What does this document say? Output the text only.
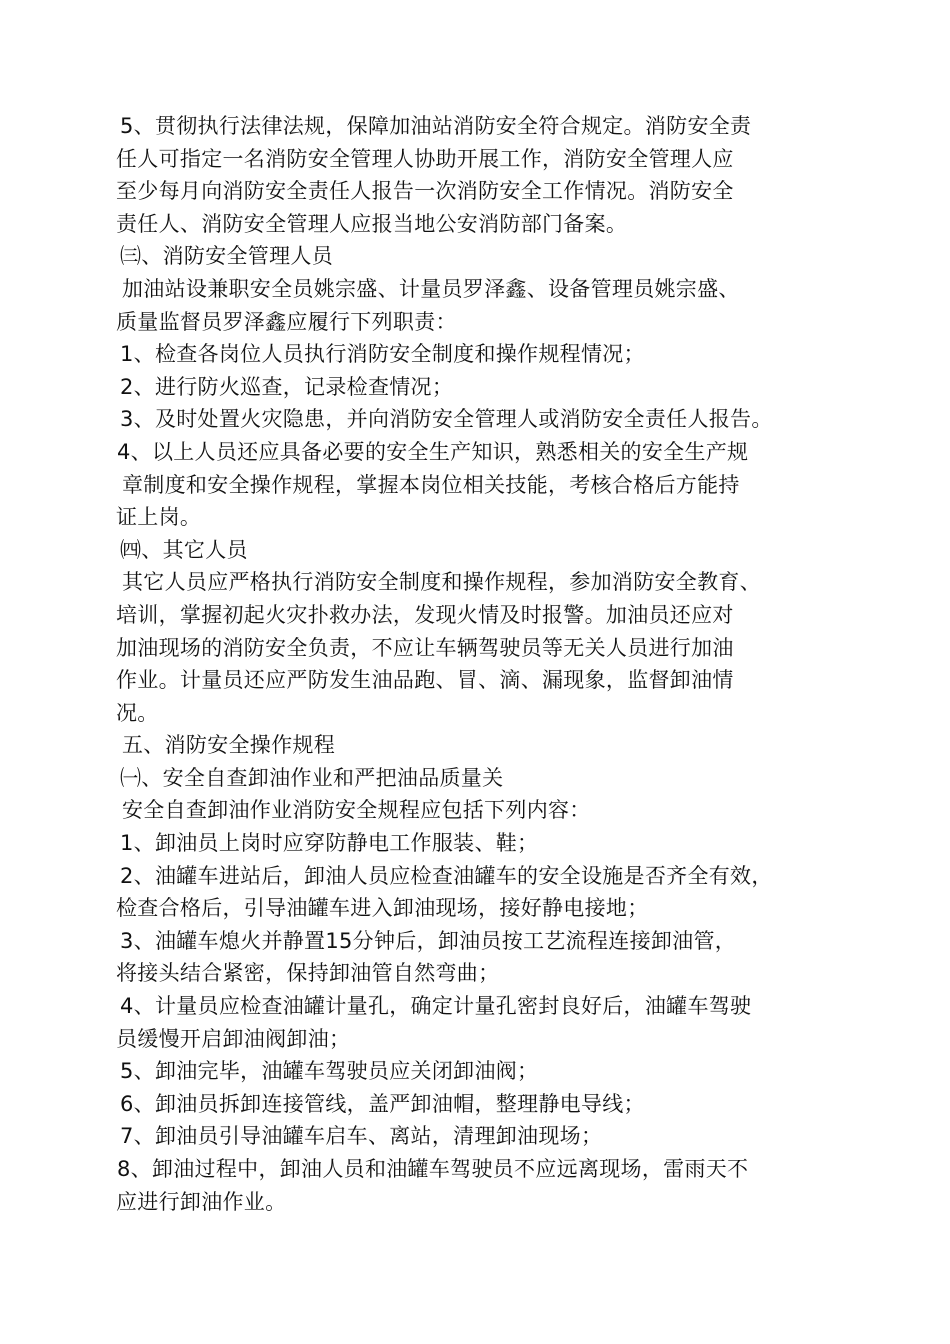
5、贯彻执行法律法规，保障加油站消防安全符合规定。消防安全责
任人可指定一名消防安全管理人协助开展工作，消防安全管理人应
至少每月向消防安全责任人报告一次消防安全工作情况。消防安全
责任人、消防安全管理人应报当地公安消防部门备案。
㈢、消防安全管理人员
加油站设兼职安全员姚宗盛、计量员罗泽鑫、设备管理员姚宗盛、
质量监督员罗泽鑫应履行下列职责：
1、检查各岗位人员执行消防安全制度和操作规程情况；
2、进行防火巡查，记录检查情况；
3、及时处置火灾隐患，并向消防安全管理人或消防安全责任人报告。
4、以上人员还应具备必要的安全生产知识，熟悉相关的安全生产规
章制度和安全操作规程，掌握本岗位相关技能，考核合格后方能持
证上岗。
㈣、其它人员
其它人员应严格执行消防安全制度和操作规程，参加消防安全教育、
培训，掌握初起火灾扑救办法，发现火情及时报警。加油员还应对
加油现场的消防安全负责，不应让车辆驾驶员等无关人员进行加油
作业。计量员还应严防发生油品跑、冒、滴、漏现象，监督卸油情
况。
五、消防安全操作规程
㈠、安全自查卸油作业和严把油品质量关
安全自查卸油作业消防安全规程应包括下列内容：
1、卸油员上岗时应穿防静电工作服装、鞋；
2、油罐车进站后，卸油人员应检查油罐车的安全设施是否齐全有效，
检查合格后，引导油罐车进入卸油现场，接好静电接地；
3、油罐车熄火并静置15分钟后，卸油员按工艺流程连接卸油管，
将接头结合紧密，保持卸油管自然弯曲；
4、计量员应检查油罐计量孔，确定计量孔密封良好后，油罐车驾驶
员缓慢开启卸油阀卸油；
5、卸油完毕，油罐车驾驶员应关闭卸油阀；
6、卸油员拆卸连接管线，盖严卸油帽，整理静电导线；
7、卸油员引导油罐车启车、离站，清理卸油现场；
8、卸油过程中，卸油人员和油罐车驾驶员不应远离现场，雷雨天不
应进行卸油作业。
